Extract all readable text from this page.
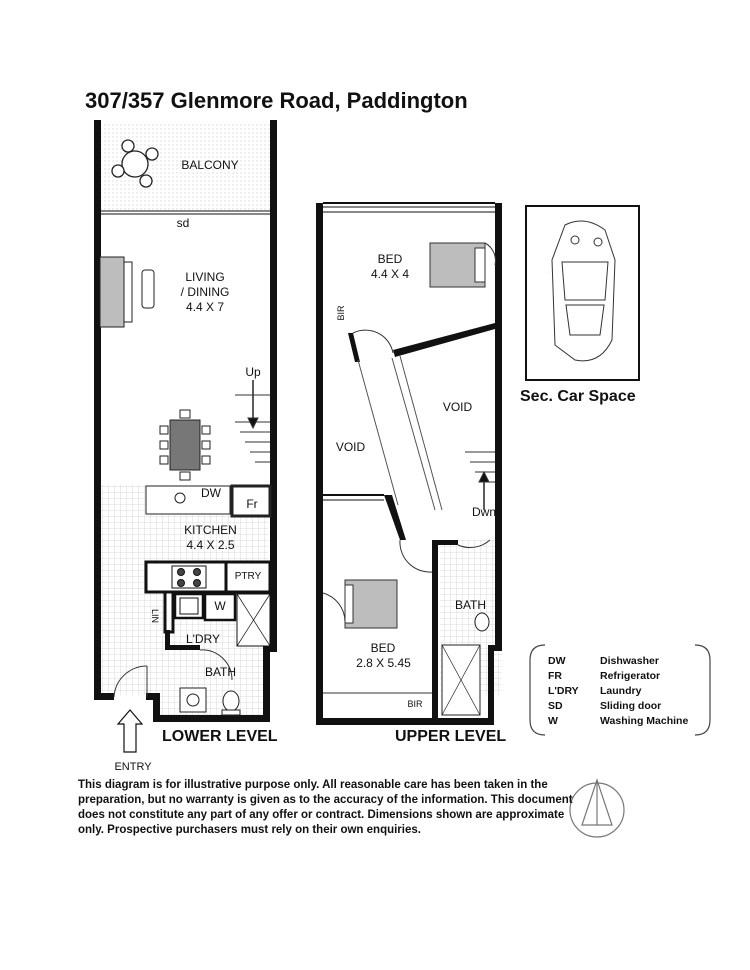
307/357 Glenmore Road, Paddington
BALCONY
sd
LIVING
/ DINING
4.4 X 7
Up
DW
Fr
KITCHEN
4.4 X 2.5
PTRY
LIN
W
L'DRY
BATH
ENTRY
LOWER LEVEL
BED
4.4 X 4
BIR
VOID
VOID
Dwn
BATH
BED
2.8 X 5.45
BIR
UPPER LEVEL
Sec. Car Space
DW	Dishwasher
FR	Refrigerator
L'DRY Laundry
SD	Sliding door
W	Washing Machine
This diagram is for illustrative purpose only. All reasonable care has been taken in the preparation, but no warranty is given as to the accuracy of the information. This document does not constitute any part of any offer or contract. Dimensions shown are approximate only. Prospective purchasers must rely on their own enquiries.
